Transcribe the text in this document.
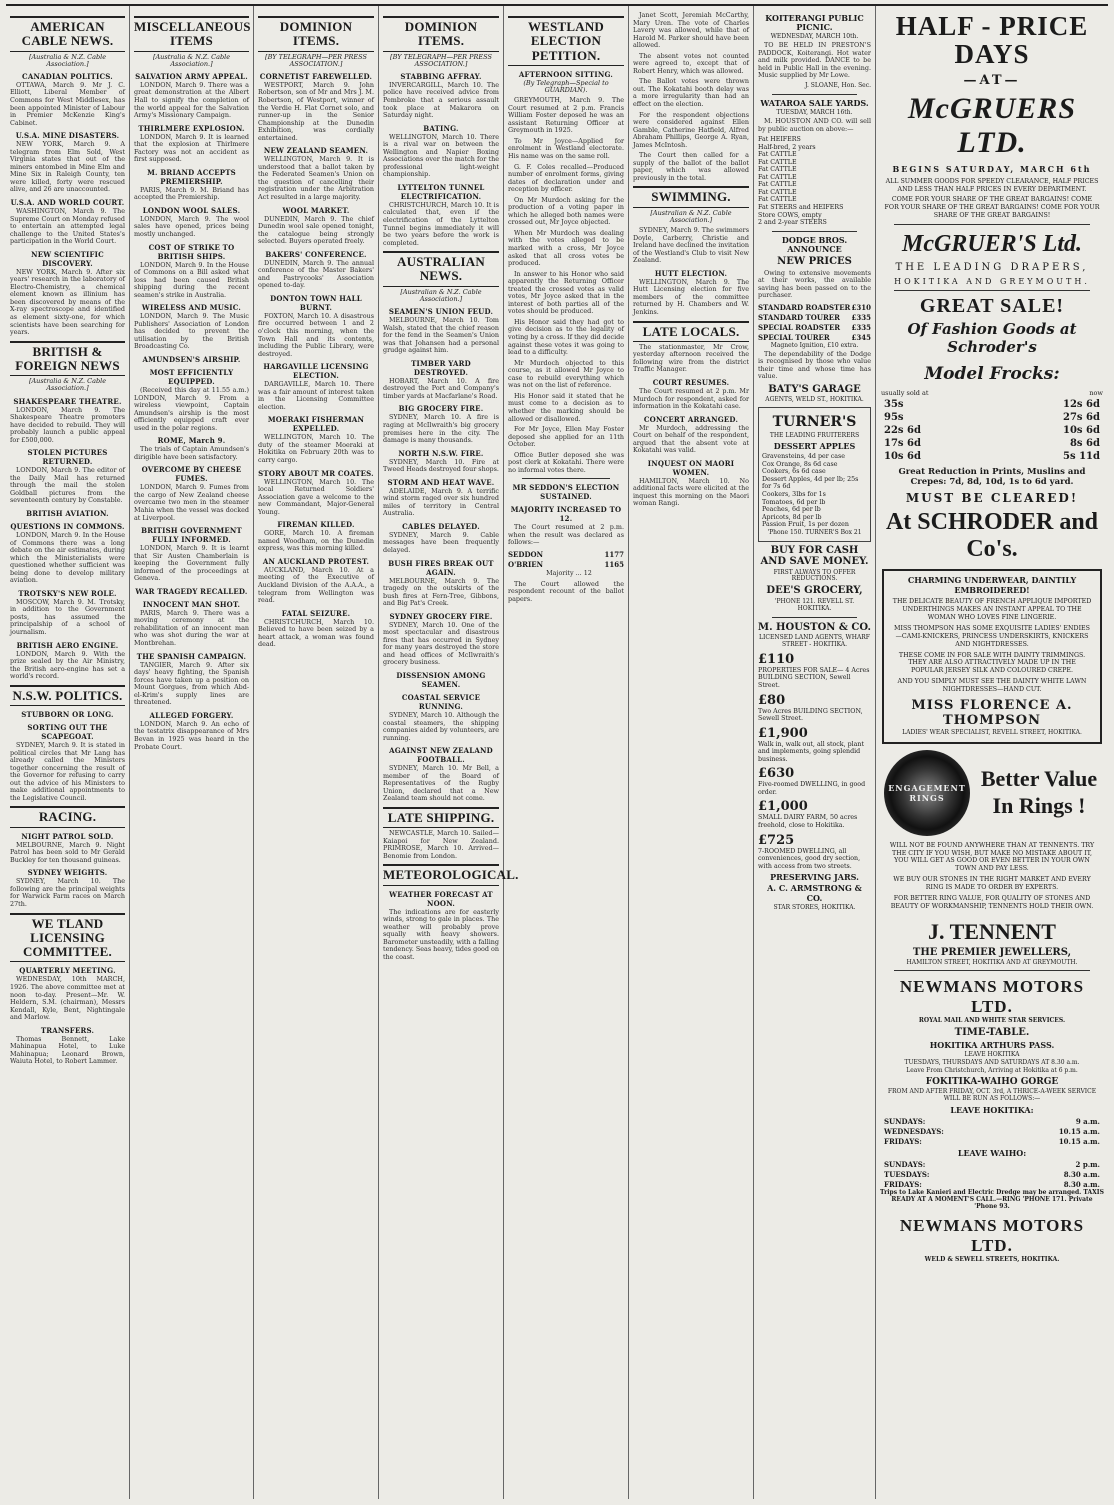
AMERICAN CABLE NEWS.
[Australia & N.Z. Cable Association.]
CANADIAN POLITICS.

OTTAWA, March 9. Mr J. C. Elliott, Liberal Member of Commons for West Middlesex, has been appointed Minister of Labour in Premier McKenzie King's Cabinet.

U.S.A. MINE DISASTERS.

NEW YORK, March 9. A telegram from Elm Sold, West Virginia states that out of the miners entombed in Mine Elm and Mine Six in Raleigh County, ten were killed, forty were rescued alive, and 26 are unaccounted.

U.S.A. AND WORLD COURT.

WASHINGTON, March 9. The Supreme Court on Monday refused to entertain an attempted legal challenge to the United States's participation in the World Court.

NEW SCIENTIFIC DISCOVERY.

NEW YORK, March 9. After six years' research in the laboratory of Electro-Chemistry, a chemical element known as illinium has been discovered by means of the X-ray spectroscope and identified as element sixty-one, for which scientists have been searching for years.

BRITISH & FOREIGN NEWS
[Australia & N.Z. Cable Association.]
SHAKESPEARE THEATRE.

LONDON, March 9. The Shakespeare Theatre promoters have decided to rebuild. They will probably launch a public appeal for £500,000.

STOLEN PICTURES RETURNED.

LONDON, March 9. The editor of the Daily Mail has returned through the mail the stolen Goldball pictures from the seventeenth century by Constable.

BRITISH AVIATION.
QUESTIONS IN COMMONS.

LONDON, March 9. In the House of Commons there was a long debate on the air estimates, during which the Ministerialists were questioned whether sufficient was being done to develop military aviation.

TROTSKY'S NEW ROLE.

MOSCOW, March 9. M. Trotsky, in addition to the Government posts, has assumed the principalship of a school of journalism.

BRITISH AERO ENGINE.

LONDON, March 9. With the prize sealed by the Air Ministry, the British aero-engine has set a world's record.

N.S.W. POLITICS.
STUBBORN OR LONG.
SORTING OUT THE SCAPEGOAT.

SYDNEY, March 9. It is stated in political circles that Mr Lang has already called the Ministers together concerning the result of the Governor for refusing to carry out the advice of his Ministers to make additional appointments to the Legislative Council.

RACING.
NIGHT PATROL SOLD.

MELBOURNE, March 9. Night Patrol has been sold to Mr Gerald Buckley for ten thousand guineas.

SYDNEY WEIGHTS.

SYDNEY, March 10. The following are the principal weights for Warwick Farm races on March 27th.

WE TLAND LICENSING COMMITTEE.
QUARTERLY MEETING.

WEDNESDAY, 10th MARCH, 1926. The above committee met at noon to-day. Present—Mr. W. Heldern, S.M. (chairman), Messrs Kendall, Kyle, Bent, Nightingale and Marlow.

TRANSFERS.

Thomas Bennett, Lake Mahinapua Hotel, to Luke Mahinapua; Leonard Brown, Waiuta Hotel, to Robert Lammer.

MISCELLANEOUS ITEMS
[Australia & N.Z. Cable Association.]
SALVATION ARMY APPEAL.

LONDON, March 9. There was a great demonstration at the Albert Hall to signify the completion of the world appeal for the Salvation Army's Missionary Campaign.

THIRLMERE EXPLOSION.

LONDON, March 9. It is learned that the explosion at Thirlmere Factory was not an accident as first supposed.

M. BRIAND ACCEPTS PREMIERSHIP.

PARIS, March 9. M. Briand has accepted the Premiership.

LONDON WOOL SALES.

LONDON, March 9. The wool sales have opened, prices being mostly unchanged.

COST OF STRIKE TO BRITISH SHIPS.

LONDON, March 9. In the House of Commons on a Bill asked what loss had been caused British shipping during the recent seamen's strike in Australia.

WIRELESS AND MUSIC.

LONDON, March 9. The Music Publishers' Association of London has decided to prevent the utilisation by the British Broadcasting Co.

AMUNDSEN'S AIRSHIP.
MOST EFFICIENTLY EQUIPPED.

(Received this day at 11.55 a.m.) LONDON, March 9. From a wireless viewpoint, Captain Amundsen's airship is the most efficiently equipped craft ever used in the polar regions.

ROME, March 9.

The trials of Captain Amundsen's dirigible have been satisfactory.

OVERCOME BY CHEESE FUMES.

LONDON, March 9. Fumes from the cargo of New Zealand cheese overcame two men in the steamer Mahia when the vessel was docked at Liverpool.

BRITISH GOVERNMENT FULLY INFORMED.

LONDON, March 9. It is learnt that Sir Austen Chamberlain is keeping the Government fully informed of the proceedings at Geneva.

WAR TRAGEDY RECALLED.
INNOCENT MAN SHOT.

PARIS, March 9. There was a moving ceremony at the rehabilitation of an innocent man who was shot during the war at Montbrehan.

THE SPANISH CAMPAIGN.

TANGIER, March 9. After six days' heavy fighting, the Spanish forces have taken up a position on Mount Gorgues, from which Abd-el-Krim's supply lines are threatened.

ALLEGED FORGERY.

LONDON, March 9. An echo of the testatrix disappearance of Mrs Bevan in 1925 was heard in the Probate Court.

DOMINION ITEMS.
[BY TELEGRAPH—PER PRESS ASSOCIATION.]
CORNETIST FAREWELLED.

WESTPORT, March 9. John Robertson, son of Mr and Mrs J. M. Robertson, of Westport, winner of the Verdie H. Flat Cornet solo, and runner-up in the Senior Championship at the Dunedin Exhibition, was cordially entertained.

NEW ZEALAND SEAMEN.

WELLINGTON, March 9. It is understood that a ballot taken by the Federated Seamen's Union on the question of cancelling their registration under the Arbitration Act resulted in a large majority.

WOOL MARKET.

DUNEDIN, March 9. The chief Dunedin wool sale opened tonight, the catalogue being strongly selected. Buyers operated freely.

BAKERS' CONFERENCE.

DUNEDIN, March 9. The annual conference of the Master Bakers' and Pastrycooks' Association opened to-day.

DONTON TOWN HALL BURNT.

FOXTON, March 10. A disastrous fire occurred between 1 and 2 o'clock this morning, when the Town Hall and its contents, including the Public Library, were destroyed.

HARGAVILLE LICENSING ELECTION.

DARGAVILLE, March 10. There was a fair amount of interest taken in the Licensing Committee election.

MOERAKI FISHERMAN EXPELLED.

WELLINGTON, March 10. The duty of the steamer Moeraki at Hokitika on February 20th was to carry cargo.

STORY ABOUT MR COATES.

WELLINGTON, March 10. The local Returned Soldiers' Association gave a welcome to the new Commandant, Major-General Young.

FIREMAN KILLED.

GORE, March 10. A fireman named Woodham, on the Dunedin express, was this morning killed.

AN AUCKLAND PROTEST.

AUCKLAND, March 10. At a meeting of the Executive of Auckland Division of the A.A.A., a telegram from Wellington was read.

FATAL SEIZURE.

CHRISTCHURCH, March 10. Believed to have been seized by a heart attack, a woman was found dead.

DOMINION ITEMS.
[BY TELEGRAPH—PER PRESS ASSOCIATION.]
STABBING AFFRAY.

INVERCARGILL, March 10. The police have received advice from Pembroke that a serious assault took place at Makarora on Saturday night.

BATING.

WELLINGTON, March 10. There is a rival war on between the Wellington and Napier Boxing Associations over the match for the professional light-weight championship.

LYTTELTON TUNNEL ELECTRIFICATION.

CHRISTCHURCH, March 10. It is calculated that, even if the electrification of the Lyttelton Tunnel begins immediately it will be two years before the work is completed.

AUSTRALIAN NEWS.
[Australian & N.Z. Cable Association.]
SEAMEN'S UNION FEUD.

MELBOURNE, March 10. Tom Walsh, stated that the chief reason for the fend in the Seamen's Union was that Johansen had a personal grudge against him.

TIMBER YARD DESTROYED.

HOBART, March 10. A fire destroyed the Port and Company's timber yards at Macfarlane's Road.

BIG GROCERY FIRE.

SYDNEY, March 10. A fire is raging at McIlwraith's big grocery premises here in the city. The damage is many thousands.

NORTH N.S.W. FIRE.

SYDNEY, March 10. Fire at Tweed Heads destroyed four shops.

STORM AND HEAT WAVE.

ADELAIDE, March 9. A terrific wind storm raged over six hundred miles of territory in Central Australia.

CABLES DELAYED.

SYDNEY, March 9. Cable messages have been frequently delayed.

BUSH FIRES BREAK OUT AGAIN.

MELBOURNE, March 9. The tragedy on the outskirts of the bush fires at Fern-Tree, Gibbons, and Big Pat's Creek.

SYDNEY GROCERY FIRE.

SYDNEY, March 10. One of the most spectacular and disastrous fires that has occurred in Sydney for many years destroyed the store and head offices of McIlwraith's grocery business.

DISSENSION AMONG SEAMEN.
COASTAL SERVICE RUNNING.

SYDNEY, March 10. Although the coastal steamers, the shipping companies aided by volunteers, are running.

AGAINST NEW ZEALAND FOOTBALL.

SYDNEY, March 10. Mr Bell, a member of the Board of Representatives of the Rugby Union, declared that a New Zealand team should not come.

LATE SHIPPING.

NEWCASTLE, March 10. Sailed—Kaiapoi for New Zealand. PRIMROSE, March 10. Arrived—Benomie from London.

METEOROLOGICAL.
WEATHER FORECAST AT NOON.

The indications are for easterly winds, strong to gale in places. The weather will probably prove squally with heavy showers. Barometer unsteadily, with a falling tendency. Seas heavy, tides good on the coast.

WESTLAND ELECTION PETITION.
AFTERNOON SITTING.
(By Telegraph—Special to GUARDIAN).

GREYMOUTH, March 9. The Court resumed at 2 p.m. Francis William Foster deposed he was an assistant Returning Officer at Greymouth in 1925.

To Mr Joyce—Applied for enrolment in Westland electorate. His name was on the same roll.

G. F. Coles recalled—Produced number of enrolment forms, giving dates of declaration under and reception by officer.

On Mr Murdoch asking for the production of a voting paper in which he alleged both names were crossed out, Mr Joyce objected.

When Mr Murdoch was dealing with the votes alleged to be marked with a cross, Mr Joyce asked that all cross votes be produced.

In answer to his Honor who said apparently the Returning Officer treated the crossed votes as valid votes, Mr Joyce asked that in the interest of both parties all of the votes should be produced.

His Honor said they had got to give decision as to the legality of voting by a cross. If they did decide against these votes it was going to lead to a difficulty.

Mr Murdoch objected to this course, as it allowed Mr Joyce to case to rebuild everything which was not on the list of reference.

His Honor said it stated that he must come to a decision as to whether the marking should be allowed or disallowed.

For Mr Joyce, Ellen May Foster deposed she applied for an 11th October.

Office Butler deposed she was post clerk at Kokatahi. There were no informal votes there.

MR SEDDON'S ELECTION SUSTAINED.
MAJORITY INCREASED TO 12.

The Court resumed at 2 p.m. when the result was declared as follows:—

SEDDON	1177
O'BRIEN	1165

Majority ... 12

The Court allowed the respondent recount of the ballot papers.

Janet Scott, Jeremiah McCarthy, Mary Uren. The vote of Charles Lavery was allowed, while that of Harold M. Parker should have been allowed.

The absent votes not counted were agreed to, except that of Robert Henry, which was allowed.

The Ballot votes were thrown out. The Kokatahi booth delay was a more irregularity than had an effect on the election.

For the respondent objections were considered against Ellen Gamble, Catherine Hatfield, Alfred Abraham Phillips, George A. Ryan, James McIntosh.

The Court then called for a supply of the ballot of the ballot paper, which was allowed previously in the total.

SWIMMING.
[Australian & N.Z. Cable Association.]

SYDNEY, March 9. The swimmers Doyle, Carberry, Christie and Ireland have declined the invitation of the Westland's Club to visit New Zealand.

HUTT ELECTION.

WELLINGTON, March 9. The Hutt Licensing election for five members of the committee returned by H. Chambers and W. Jenkins.

LATE LOCALS.

The stationmaster, Mr Crow, yesterday afternoon received the following wire from the district Traffic Manager.

COURT RESUMES.

The Court resumed at 2 p.m. Mr Murdoch for respondent, asked for information in the Kokatahi case.

CONCERT ARRANGED.

Mr Murdoch, addressing the Court on behalf of the respondent, argued that the absent vote at Kokatahi was valid.

INQUEST ON MAORI WOMEN.

HAMILTON, March 10. No additional facts were elicited at the inquest this morning on the Maori woman Rangi.

KOITERANGI PUBLIC PICNIC.
WEDNESDAY, MARCH 10th.

TO BE HELD IN PRESTON'S PADDOCK, Koiterangi. Hot water and milk provided. DANCE to be held in Public Hall in the evening. Music supplied by Mr Lowe.

J. SLOANE, Hon. Sec.
WATAROA SALE YARDS.
TUESDAY, MARCH 16th.

M. HOUSTON AND CO. will sell by public auction on above:—

Fat HEIFERS
Half-bred, 2 years
Fat CATTLE
Fat CATTLE
Fat CATTLE
Fat CATTLE
Fat CATTLE
Fat CATTLE
Fat CATTLE
Fat STEERS and HEIFERS
Store COWS, empty
2 and 2-year STEERS
DODGE BROS. ANNOUNCE
NEW PRICES

Owing to extensive movements at their works, the available saving has been passed on to the purchaser.

STANDARD ROADSTER £310
STANDARD TOURER £335
SPECIAL ROADSTER £335
SPECIAL TOURER	£345
Magneto Ignition, £10 extra.

The dependability of the Dodge is recognised by those who value their time and whose time has value.

BATY'S GARAGE
AGENTS, WELD ST., HOKITIKA.
TURNER'S
THE LEADING FRUITERERS
DESSERT APPLES
Gravensteins, 4d per case
Cox Orange, 8s 6d case
Cookers, 6s 6d case
Dessert Apples, 4d per lb; 25s for 7s 6d
Cookers, 3lbs for 1s
Tomatoes, 6d per lb
Peaches, 6d per lb
Apricots, 8d per lb
Passion Fruit, 1s per dozen
'Phone 150. TURNER'S Box 21
BUY FOR CASH AND SAVE MONEY.
FIRST ALWAYS TO OFFER REDUCTIONS.
DEE'S GROCERY,
'PHONE 121. REVELL ST. HOKITIKA.
M. HOUSTON & CO.
LICENSED LAND AGENTS, WHARF STREET - HOKITIKA.
£110
PROPERTIES FOR SALE— 4 Acres BUILDING SECTION, Sewell Street.
£80
Two Acres BUILDING SECTION, Sewell Street.
£1,900
Walk in, walk out, all stock, plant and implements, going splendid business.
£630
Five-roomed DWELLING, in good order.
£1,000
SMALL DAIRY FARM, 50 acres freehold, close to Hokitika.
£725
7-ROOMED DWELLING, all conveniences, good dry section, with access from two streets.
PRESERVING JARS.
A. C. ARMSTRONG & CO.
STAR STORES, HOKITIKA.
HALF - PRICE DAYS
—AT—
McGRUERS LTD.
BEGINS SATURDAY, MARCH 6th
ALL SUMMER GOODS FOR SPEEDY CLEARANCE, HALF PRICES AND LESS THAN HALF PRICES IN EVERY DEPARTMENT.
COME FOR YOUR SHARE OF THE GREAT BARGAINS! COME FOR YOUR SHARE OF THE GREAT BARGAINS! COME FOR YOUR SHARE OF THE GREAT BARGAINS!
McGRUER'S Ltd.
THE LEADING DRAPERS,
HOKITIKA AND GREYMOUTH.
GREAT SALE!
Of Fashion Goods at Schroder's
Model Frocks:
usually sold at	now
35s	12s 6d
95s	27s 6d
22s 6d	10s 6d
17s 6d	8s 6d
10s 6d	5s 11d
Great Reduction in Prints, Muslins and Crepes: 7d, 8d, 10d, 1s to 6d yard.
MUST BE CLEARED!
At SCHRODER and Co's.
CHARMING UNDERWEAR, DAINTILY EMBROIDERED!
THE DELICATE BEAUTY OF FRENCH APPLIQUE IMPORTED UNDERTHINGS MAKES AN INSTANT APPEAL TO THE WOMAN WHO LOVES FINE LINGERIE.
MISS THOMPSON HAS SOME EXQUISITE LADIES' ENDIES—CAMI-KNICKERS, PRINCESS UNDERSKIRTS, KNICKERS AND NIGHTDRESSES.
THESE COME IN FOR SALE WITH DAINTY TRIMMINGS. THEY ARE ALSO ATTRACTIVELY MADE UP IN THE POPULAR JERSEY SILK AND COLOURED CREPE.
AND YOU SIMPLY MUST SEE THE DAINTY WHITE LAWN NIGHTDRESSES—HAND CUT.
MISS FLORENCE A. THOMPSON
LADIES' WEAR SPECIALIST, REVELL STREET, HOKITIKA.
ENGAGEMENT RINGS
Better Value
In Rings !
WILL NOT BE FOUND ANYWHERE THAN AT TENNENTS. TRY THE CITY IF YOU WISH, BUT MAKE NO MISTAKE ABOUT IT, YOU WILL GET AS GOOD OR EVEN BETTER IN YOUR OWN TOWN AND PAY LESS.
WE BUY OUR STONES IN THE RIGHT MARKET AND EVERY RING IS MADE TO ORDER BY EXPERTS.
FOR BETTER RING VALUE, FOR QUALITY OF STONES AND BEAUTY OF WORKMANSHIP, TENNENTS HOLD THEIR OWN.
J. TENNENT
THE PREMIER JEWELLERS,
HAMILTON STREET, HOKITIKA AND AT GREYMOUTH.
NEWMANS MOTORS LTD.
ROYAL MAIL AND WHITE STAR SERVICES.
TIME-TABLE.
HOKITIKA ARTHURS PASS.
LEAVE HOKITIKA
TUESDAYS, THURSDAYS AND SATURDAYS AT 8.30 a.m.
Leave From Christchurch, Arriving at Hokitika at 6 p.m.
FOKITIKA-WAIHO GORGE
FROM AND AFTER FRIDAY, OCT. 3rd, A THRICE-A-WEEK SERVICE WILL BE RUN AS FOLLOWS:—
LEAVE HOKITIKA:
SUNDAYS:	9 a.m.
WEDNESDAYS:	10.15 a.m.
FRIDAYS:	10.15 a.m.
LEAVE WAIHO:
SUNDAYS:	2 p.m.
TUESDAYS:	8.30 a.m.
FRIDAYS:	8.30 a.m.
Trips to Lake Kanieri and Electric Dredge may be arranged. TAXIS READY AT A MOMENT'S CALL.—RING 'PHONE 171. Private 'Phone 93.
NEWMANS MOTORS LTD.
WELD & SEWELL STREETS, HOKITIKA.
